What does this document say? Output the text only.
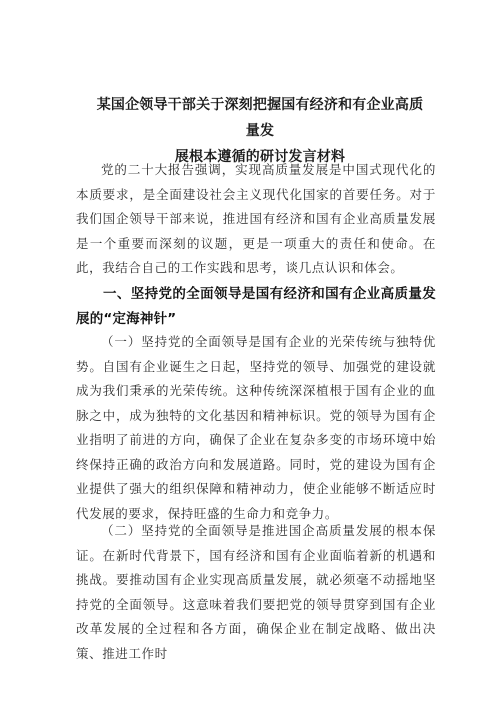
某国企领导干部关于深刻把握国有经济和有企业高质量发
展根本遵循的研讨发言材料

党的二十大报告强调，实现高质量发展是中国式现代化的本质要求，是全面建设社会主义现代化国家的首要任务。对于我们国企领导干部来说，推进国有经济和国有企业高质量发展是一个重要而深刻的议题，更是一项重大的责任和使命。在此，我结合自己的工作实践和思考，谈几点认识和体会。

一、坚持党的全面领导是国有经济和国有企业高质量发展的“定海神针”

（一）坚持党的全面领导是国有企业的光荣传统与独特优势。自国有企业诞生之日起，坚持党的领导、加强党的建设就成为我们秉承的光荣传统。这种传统深深植根于国有企业的血脉之中，成为独特的文化基因和精神标识。党的领导为国有企业指明了前进的方向，确保了企业在复杂多变的市场环境中始终保持正确的政治方向和发展道路。同时，党的建设为国有企业提供了强大的组织保障和精神动力，使企业能够不断适应时代发展的要求，保持旺盛的生命力和竞争力。

（二）坚持党的全面领导是推进国企高质量发展的根本保证。在新时代背景下，国有经济和国有企业面临着新的机遇和挑战。要推动国有企业实现高质量发展，就必须毫不动摇地坚持党的全面领导。这意味着我们要把党的领导贯穿到国有企业改革发展的全过程和各方面，确保企业在制定战略、做出决策、推进工作时
